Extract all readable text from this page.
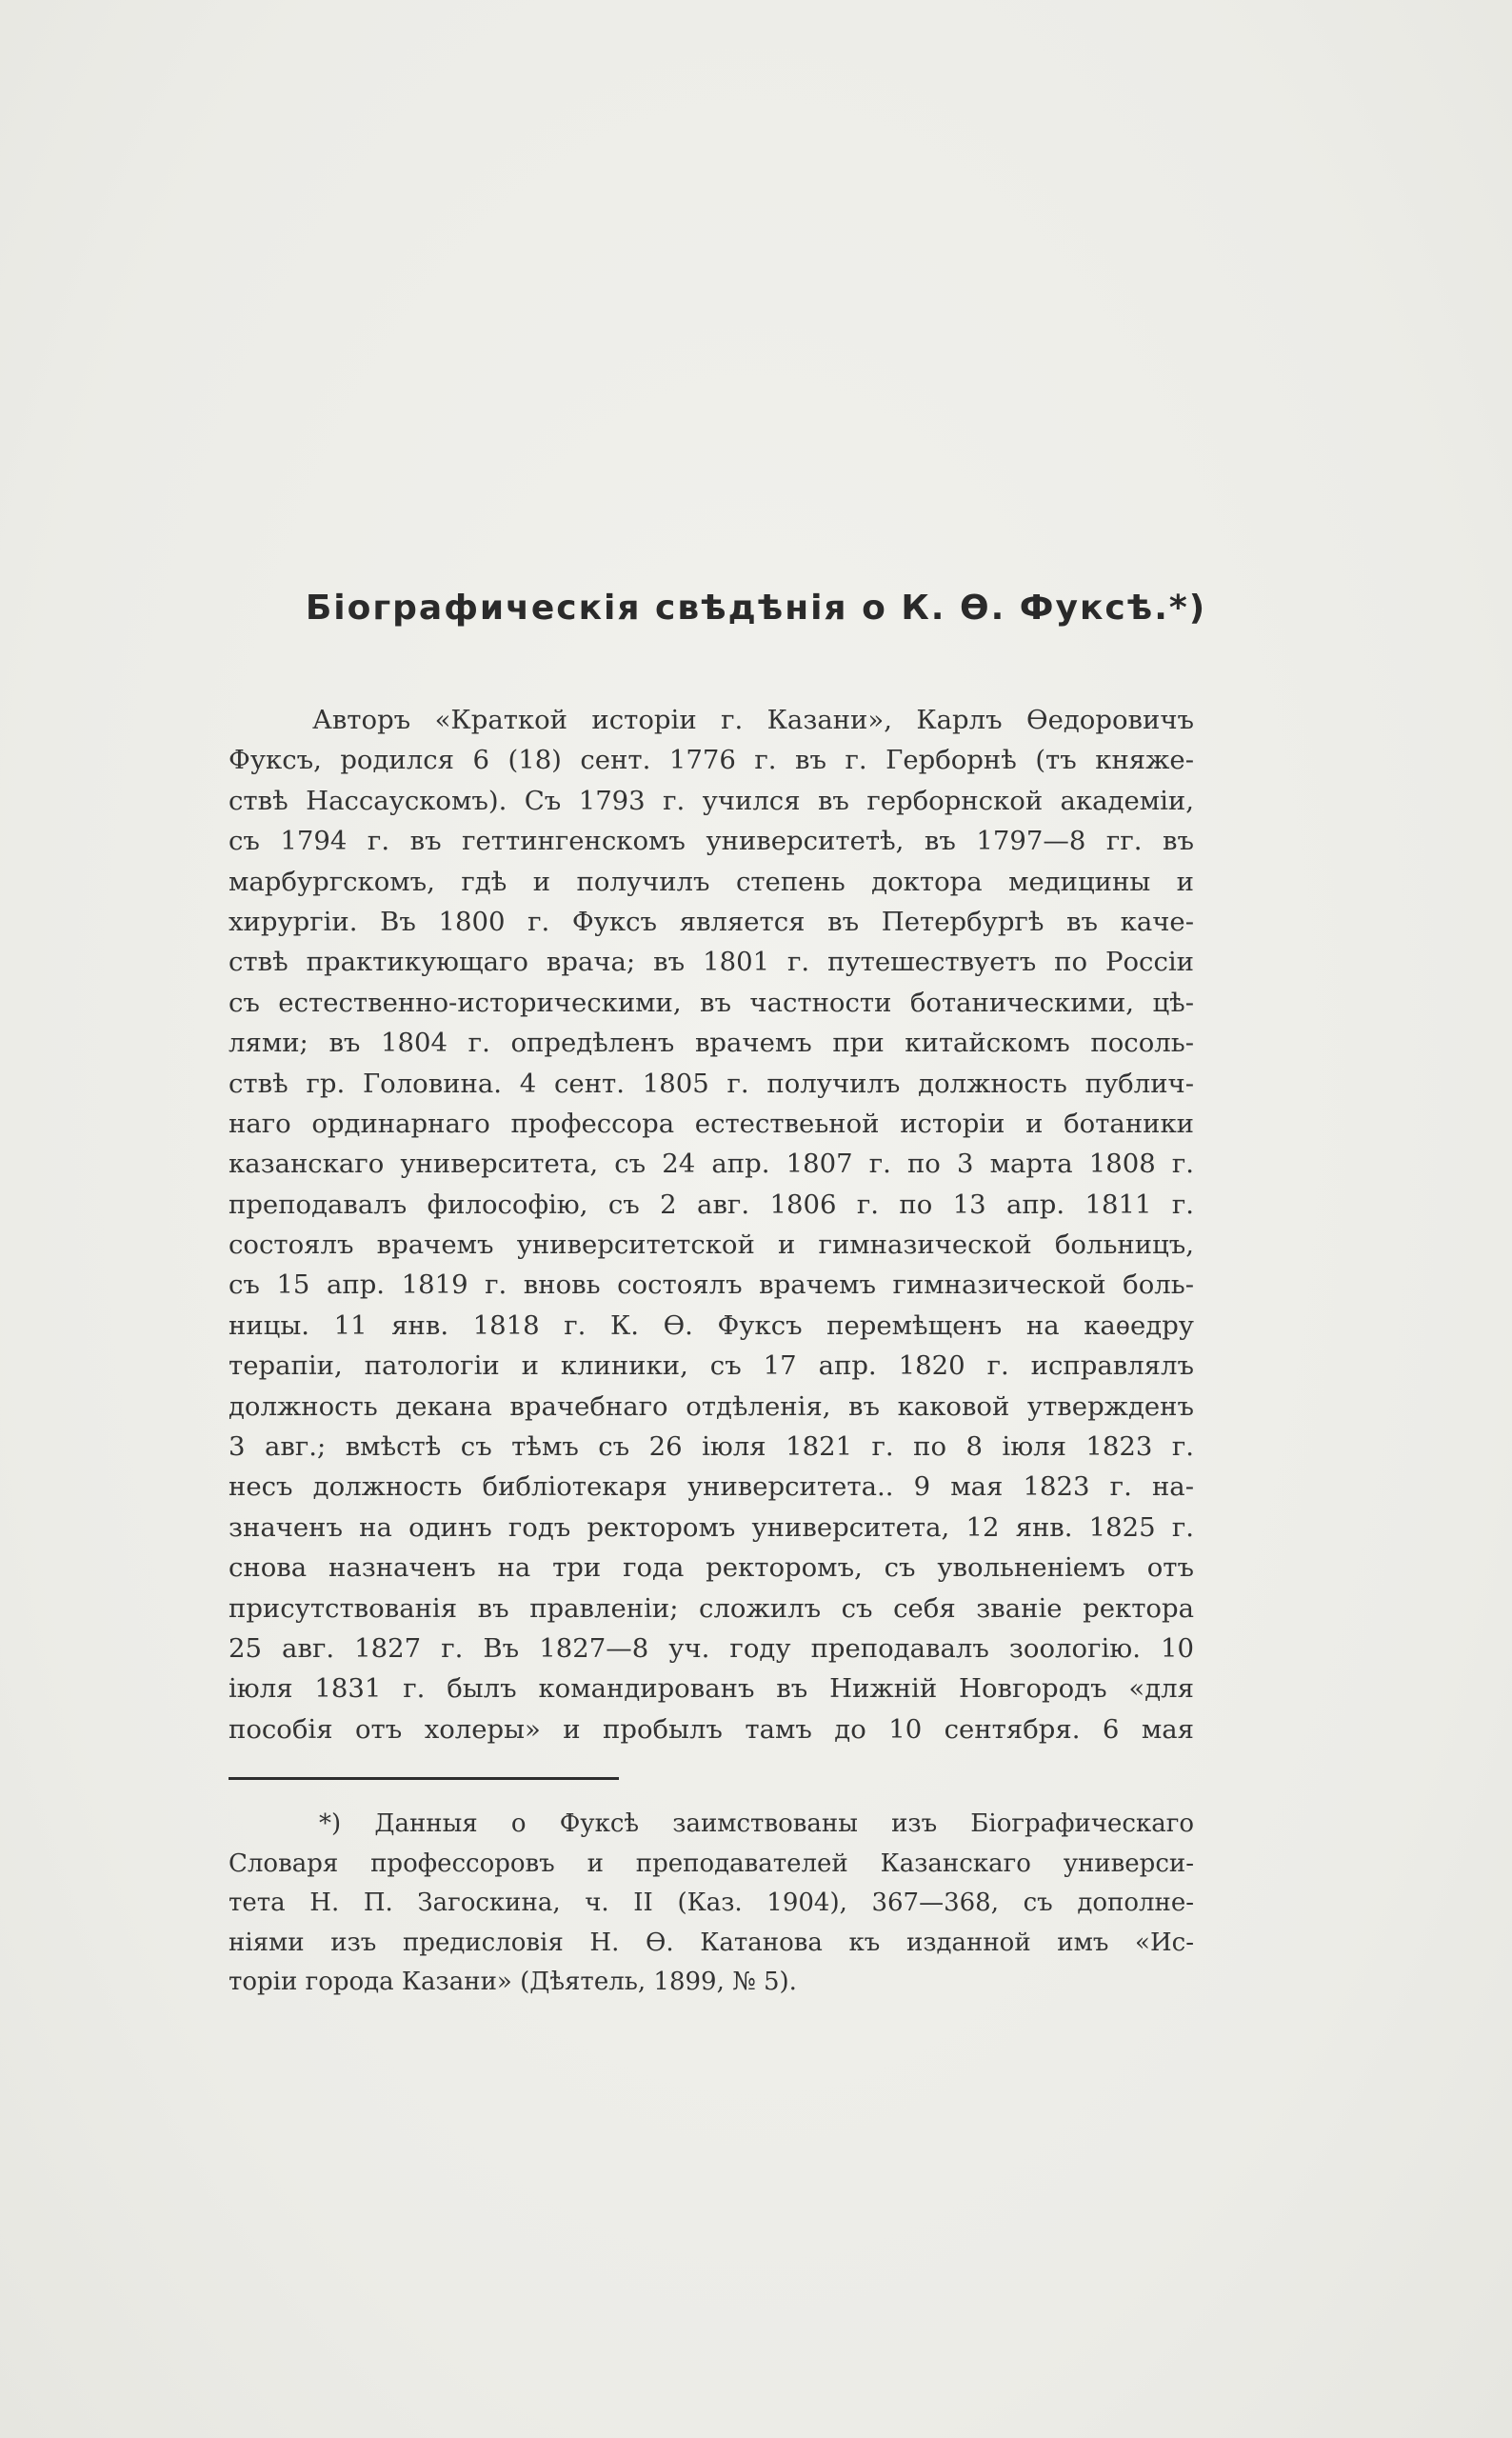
Біографическія свѣдѣнія о К. Ѳ. Фуксѣ.*)
Авторъ «Краткой исторіи г. Казани», Карлъ Ѳедоровичъ
Фуксъ, родился 6 (18) сент. 1776 г. въ г. Герборнѣ (тъ княже-
ствѣ Нассаускомъ). Съ 1793 г. учился въ герборнской академіи,
съ 1794 г. въ геттингенскомъ университетѣ, въ 1797—8 гг. въ
марбургскомъ, гдѣ и получилъ степень доктора медицины и
хирургіи. Въ 1800 г. Фуксъ является въ Петербургѣ въ каче-
ствѣ практикующаго врача; въ 1801 г. путешествуетъ по Россіи
съ естественно-историческими, въ частности ботаническими, цѣ-
лями; въ 1804 г. опредѣленъ врачемъ при китайскомъ посоль-
ствѣ гр. Головина. 4 сент. 1805 г. получилъ должность публич-
наго ординарнаго профессора естествеьной исторіи и ботаники
казанскаго университета, съ 24 апр. 1807 г. по 3 марта 1808 г.
преподавалъ философію, съ 2 авг. 1806 г. по 13 апр. 1811 г.
состоялъ врачемъ университетской и гимназической больницъ,
съ 15 апр. 1819 г. вновь состоялъ врачемъ гимназической боль-
ницы. 11 янв. 1818 г. К. Ѳ. Фуксъ перемѣщенъ на каѳедру
терапіи, патологіи и клиники, съ 17 апр. 1820 г. исправлялъ
должность декана врачебнаго отдѣленія, въ каковой утвержденъ
3 авг.; вмѣстѣ съ тѣмъ съ 26 іюля 1821 г. по 8 іюля 1823 г.
несъ должность библіотекаря университета.. 9 мая 1823 г. на-
значенъ на одинъ годъ ректоромъ университета, 12 янв. 1825 г.
снова назначенъ на три года ректоромъ, съ увольненіемъ отъ
присутствованія въ правленіи; сложилъ съ себя званіе ректора
25 авг. 1827 г. Въ 1827—8 уч. году преподавалъ зоологію. 10
іюля 1831 г. былъ командированъ въ Нижній Новгородъ «для
пособія отъ холеры» и пробылъ тамъ до 10 сентября. 6 мая
*) Данныя о Фуксѣ заимствованы изъ Біографическаго
Словаря профессоровъ и преподавателей Казанскаго универси-
тета Н. П. Загоскина, ч. II (Каз. 1904), 367—368, съ дополне-
ніями изъ предисловія Н. Ѳ. Катанова къ изданной имъ «Ис-
торіи города Казани» (Дѣятель, 1899, № 5).
